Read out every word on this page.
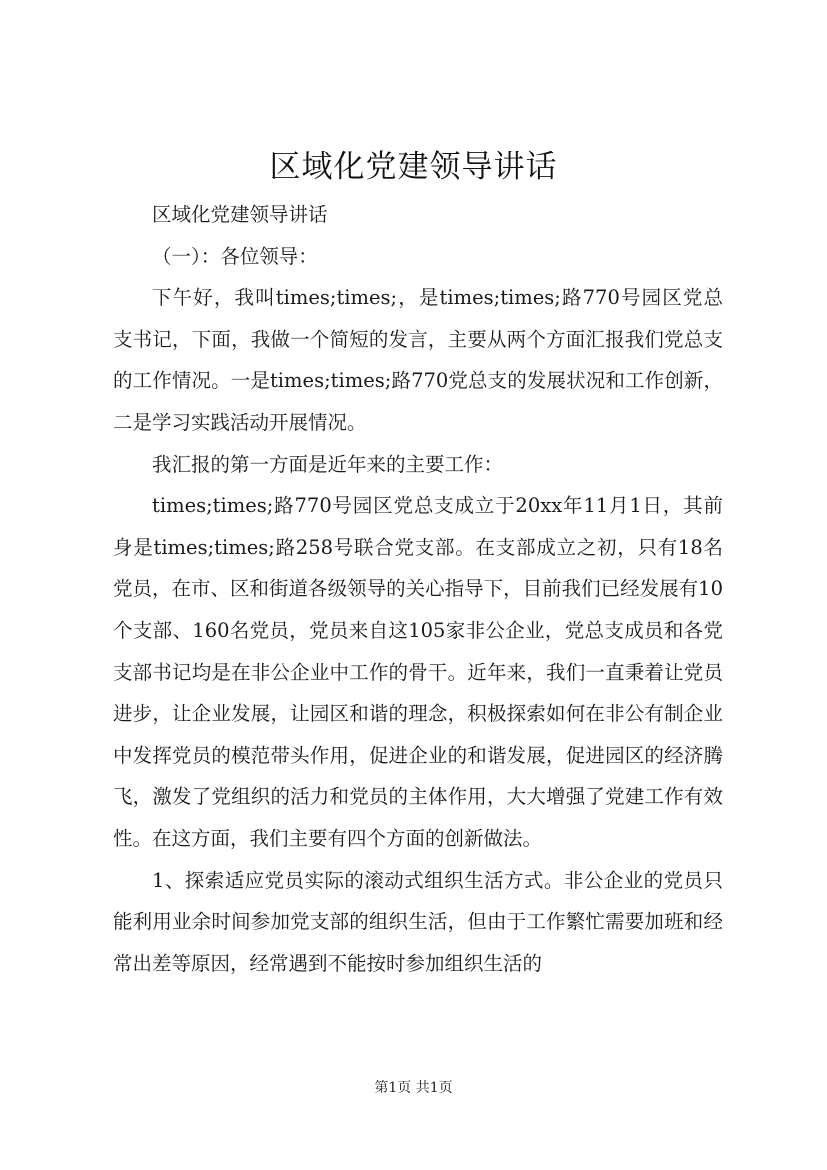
区域化党建领导讲话

区域化党建领导讲话

（一）：各位领导：

下午好，我叫times;times;，是times;times;路770号园区党总支书记，下面，我做一个简短的发言，主要从两个方面汇报我们党总支的工作情况。一是times;times;路770党总支的发展状况和工作创新，二是学习实践活动开展情况。

我汇报的第一方面是近年来的主要工作：

times;times;路770号园区党总支成立于20xx年11月1日，其前身是times;times;路258号联合党支部。在支部成立之初，只有18名党员，在市、区和街道各级领导的关心指导下，目前我们已经发展有10个支部、160名党员，党员来自这105家非公企业，党总支成员和各党支部书记均是在非公企业中工作的骨干。近年来，我们一直秉着让党员进步，让企业发展，让园区和谐的理念，积极探索如何在非公有制企业中发挥党员的模范带头作用，促进企业的和谐发展，促进园区的经济腾飞，激发了党组织的活力和党员的主体作用，大大增强了党建工作有效性。在这方面，我们主要有四个方面的创新做法。

1、探索适应党员实际的滚动式组织生活方式。非公企业的党员只能利用业余时间参加党支部的组织生活，但由于工作繁忙需要加班和经常出差等原因，经常遇到不能按时参加组织生活的

第1页 共1页
